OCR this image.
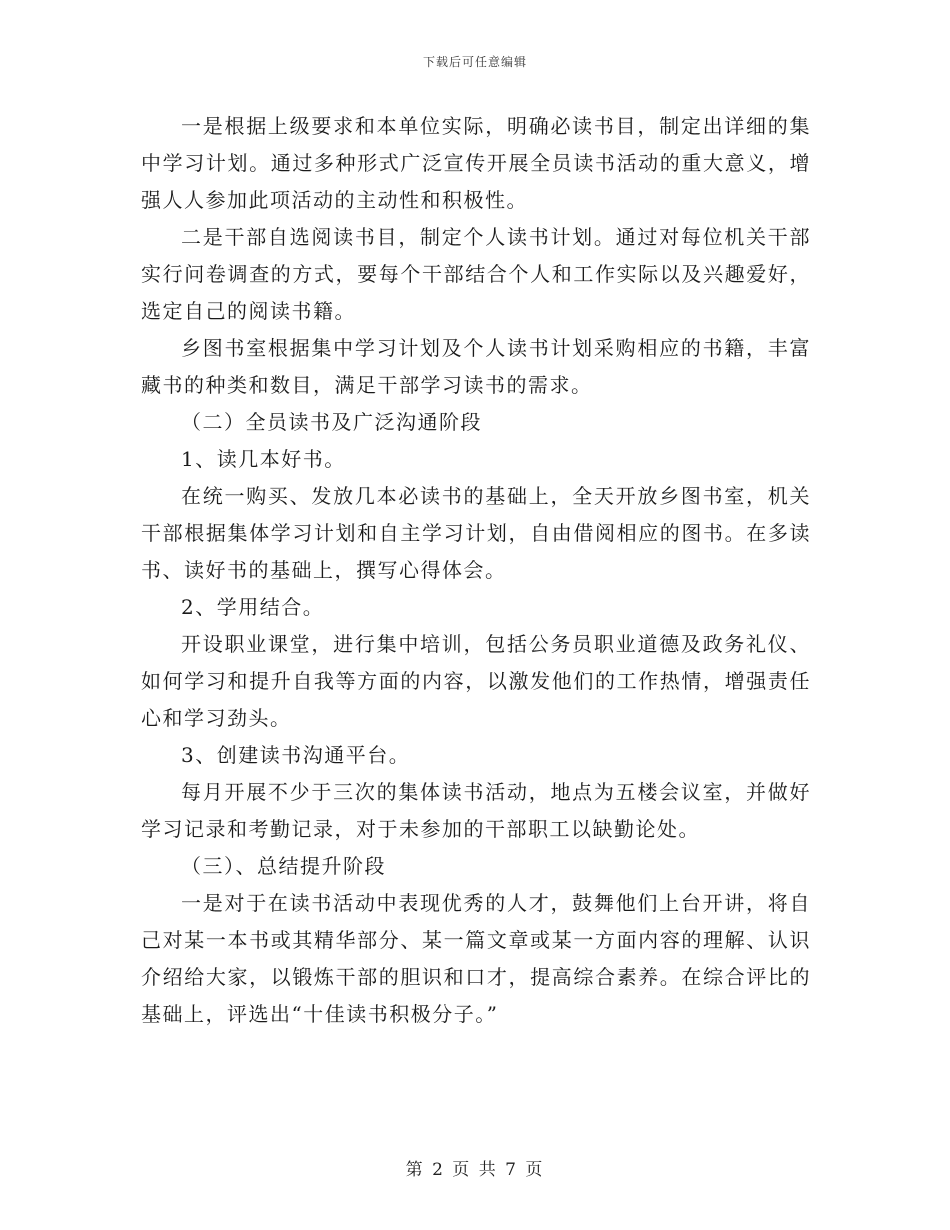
下载后可任意编辑

一是根据上级要求和本单位实际，明确必读书目，制定出详细的集中学习计划。通过多种形式广泛宣传开展全员读书活动的重大意义，增强人人参加此项活动的主动性和积极性。

二是干部自选阅读书目，制定个人读书计划。通过对每位机关干部实行问卷调查的方式，要每个干部结合个人和工作实际以及兴趣爱好，选定自己的阅读书籍。

乡图书室根据集中学习计划及个人读书计划采购相应的书籍，丰富藏书的种类和数目，满足干部学习读书的需求。

（二）全员读书及广泛沟通阶段

1、读几本好书。

在统一购买、发放几本必读书的基础上，全天开放乡图书室，机关干部根据集体学习计划和自主学习计划，自由借阅相应的图书。在多读书、读好书的基础上，撰写心得体会。

2、学用结合。

开设职业课堂，进行集中培训，包括公务员职业道德及政务礼仪、如何学习和提升自我等方面的内容，以激发他们的工作热情，增强责任心和学习劲头。

3、创建读书沟通平台。

每月开展不少于三次的集体读书活动，地点为五楼会议室，并做好学习记录和考勤记录，对于未参加的干部职工以缺勤论处。

（三）、总结提升阶段

一是对于在读书活动中表现优秀的人才，鼓舞他们上台开讲，将自己对某一本书或其精华部分、某一篇文章或某一方面内容的理解、认识介绍给大家，以锻炼干部的胆识和口才，提高综合素养。在综合评比的基础上，评选出“十佳读书积极分子。”

第 2 页 共 7 页
